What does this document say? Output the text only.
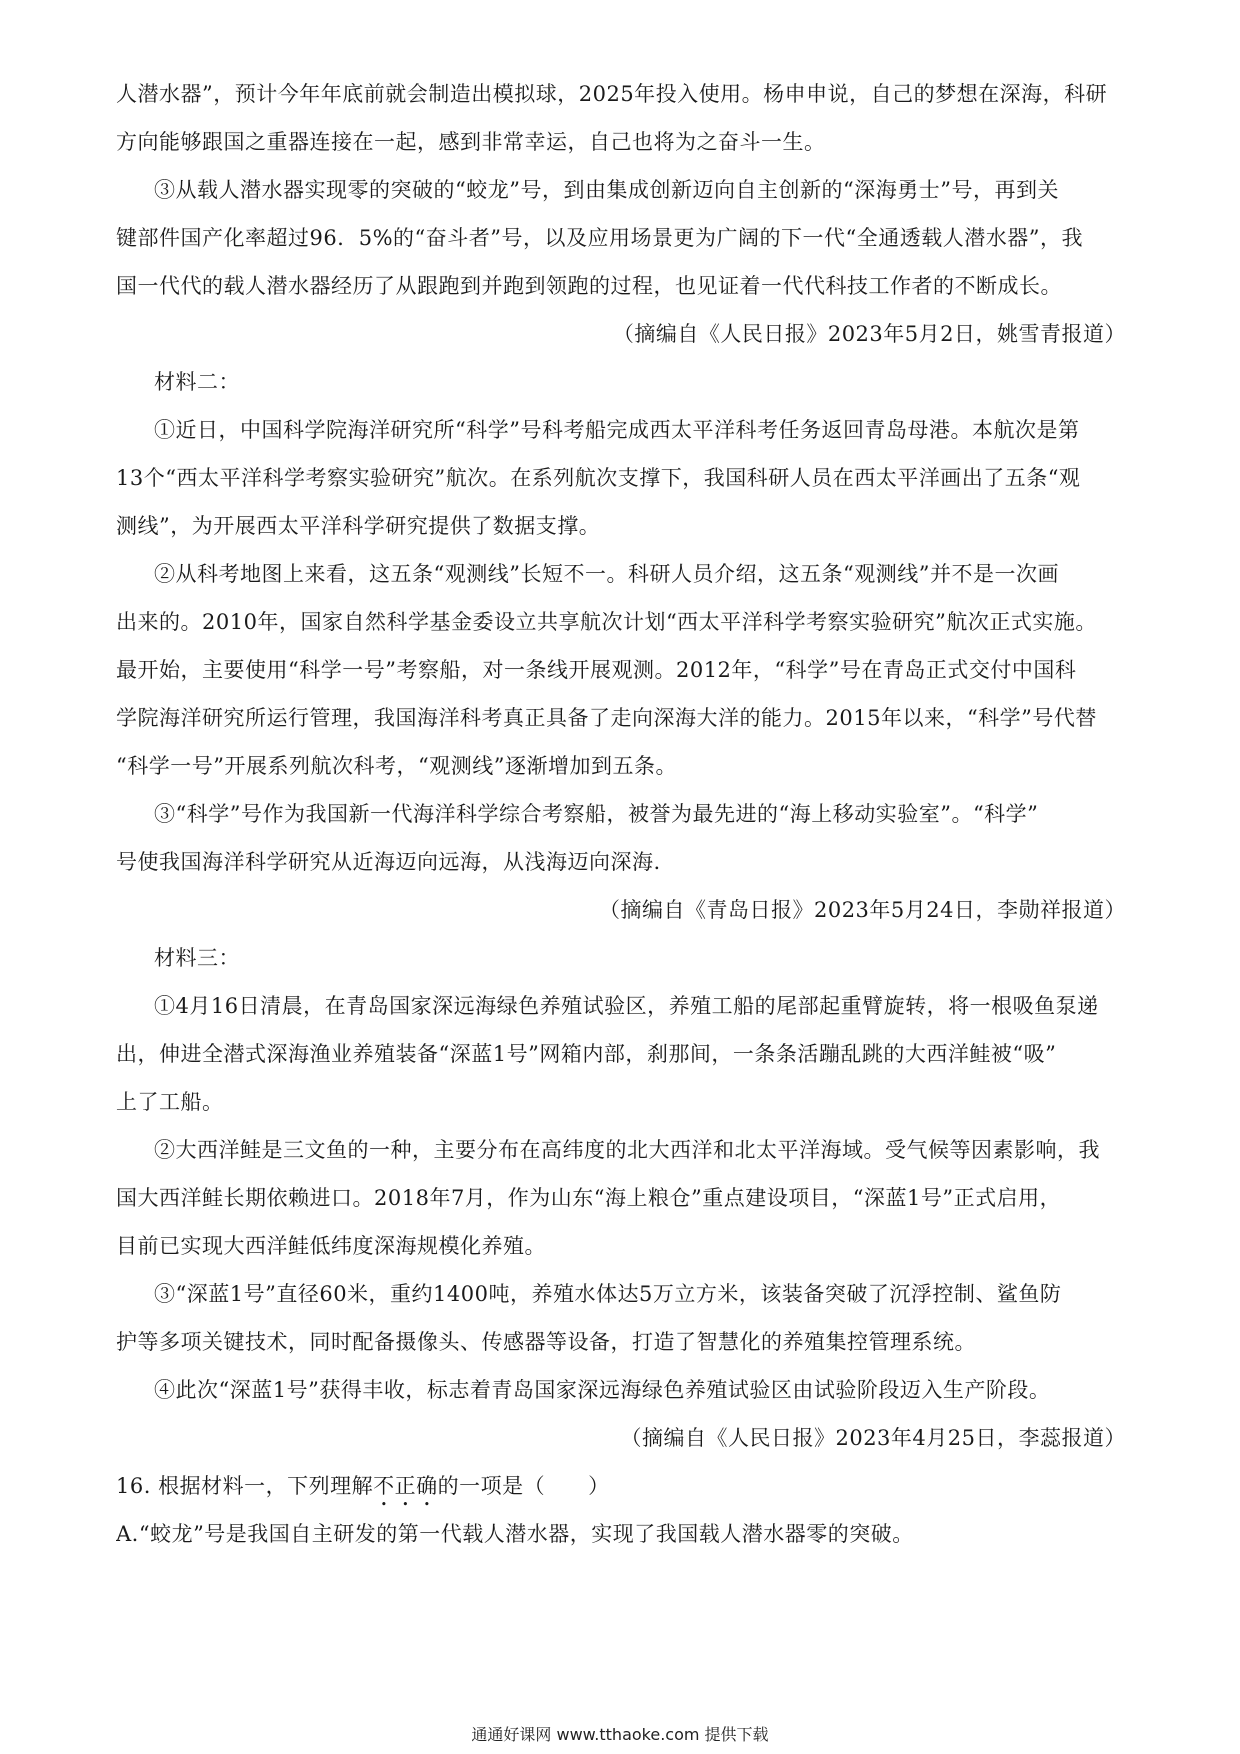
人潜水器”，预计今年年底前就会制造出模拟球，2025年投入使用。杨申申说，自己的梦想在深海，科研
方向能够跟国之重器连接在一起，感到非常幸运，自己也将为之奋斗一生。
③从载人潜水器实现零的突破的“蛟龙”号，到由集成创新迈向自主创新的“深海勇士”号，再到关
键部件国产化率超过96．5%的“奋斗者”号，以及应用场景更为广阔的下一代“全通透载人潜水器”，我
国一代代的载人潜水器经历了从跟跑到并跑到领跑的过程，也见证着一代代科技工作者的不断成长。
（摘编自《人民日报》2023年5月2日，姚雪青报道）
材料二：
①近日，中国科学院海洋研究所“科学”号科考船完成西太平洋科考任务返回青岛母港。本航次是第
13个“西太平洋科学考察实验研究”航次。在系列航次支撑下，我国科研人员在西太平洋画出了五条“观
测线”，为开展西太平洋科学研究提供了数据支撑。
②从科考地图上来看，这五条“观测线”长短不一。科研人员介绍，这五条“观测线”并不是一次画
出来的。2010年，国家自然科学基金委设立共享航次计划“西太平洋科学考察实验研究”航次正式实施。
最开始，主要使用“科学一号”考察船，对一条线开展观测。2012年，“科学”号在青岛正式交付中国科
学院海洋研究所运行管理，我国海洋科考真正具备了走向深海大洋的能力。2015年以来，“科学”号代替
“科学一号”开展系列航次科考，“观测线”逐渐增加到五条。
③“科学”号作为我国新一代海洋科学综合考察船，被誉为最先进的“海上移动实验室”。“科学”
号使我国海洋科学研究从近海迈向远海，从浅海迈向深海.
（摘编自《青岛日报》2023年5月24日，李勋祥报道）
材料三：
①4月16日清晨，在青岛国家深远海绿色养殖试验区，养殖工船的尾部起重臂旋转，将一根吸鱼泵递
出，伸进全潜式深海渔业养殖装备“深蓝1号”网箱内部，刹那间，一条条活蹦乱跳的大西洋鲑被“吸”
上了工船。
②大西洋鲑是三文鱼的一种，主要分布在高纬度的北大西洋和北太平洋海域。受气候等因素影响，我
国大西洋鲑长期依赖进口。2018年7月，作为山东“海上粮仓”重点建设项目，“深蓝1号”正式启用，
目前已实现大西洋鲑低纬度深海规模化养殖。
③“深蓝1号”直径60米，重约1400吨，养殖水体达5万立方米，该装备突破了沉浮控制、鲨鱼防
护等多项关键技术，同时配备摄像头、传感器等设备，打造了智慧化的养殖集控管理系统。
④此次“深蓝1号”获得丰收，标志着青岛国家深远海绿色养殖试验区由试验阶段迈入生产阶段。
（摘编自《人民日报》2023年4月25日，李蕊报道）
16. 根据材料一，下列理解不正确的一项是（　　）
A.“蛟龙”号是我国自主研发的第一代载人潜水器，实现了我国载人潜水器零的突破。
通通好课网 www.tthaoke.com 提供下载
